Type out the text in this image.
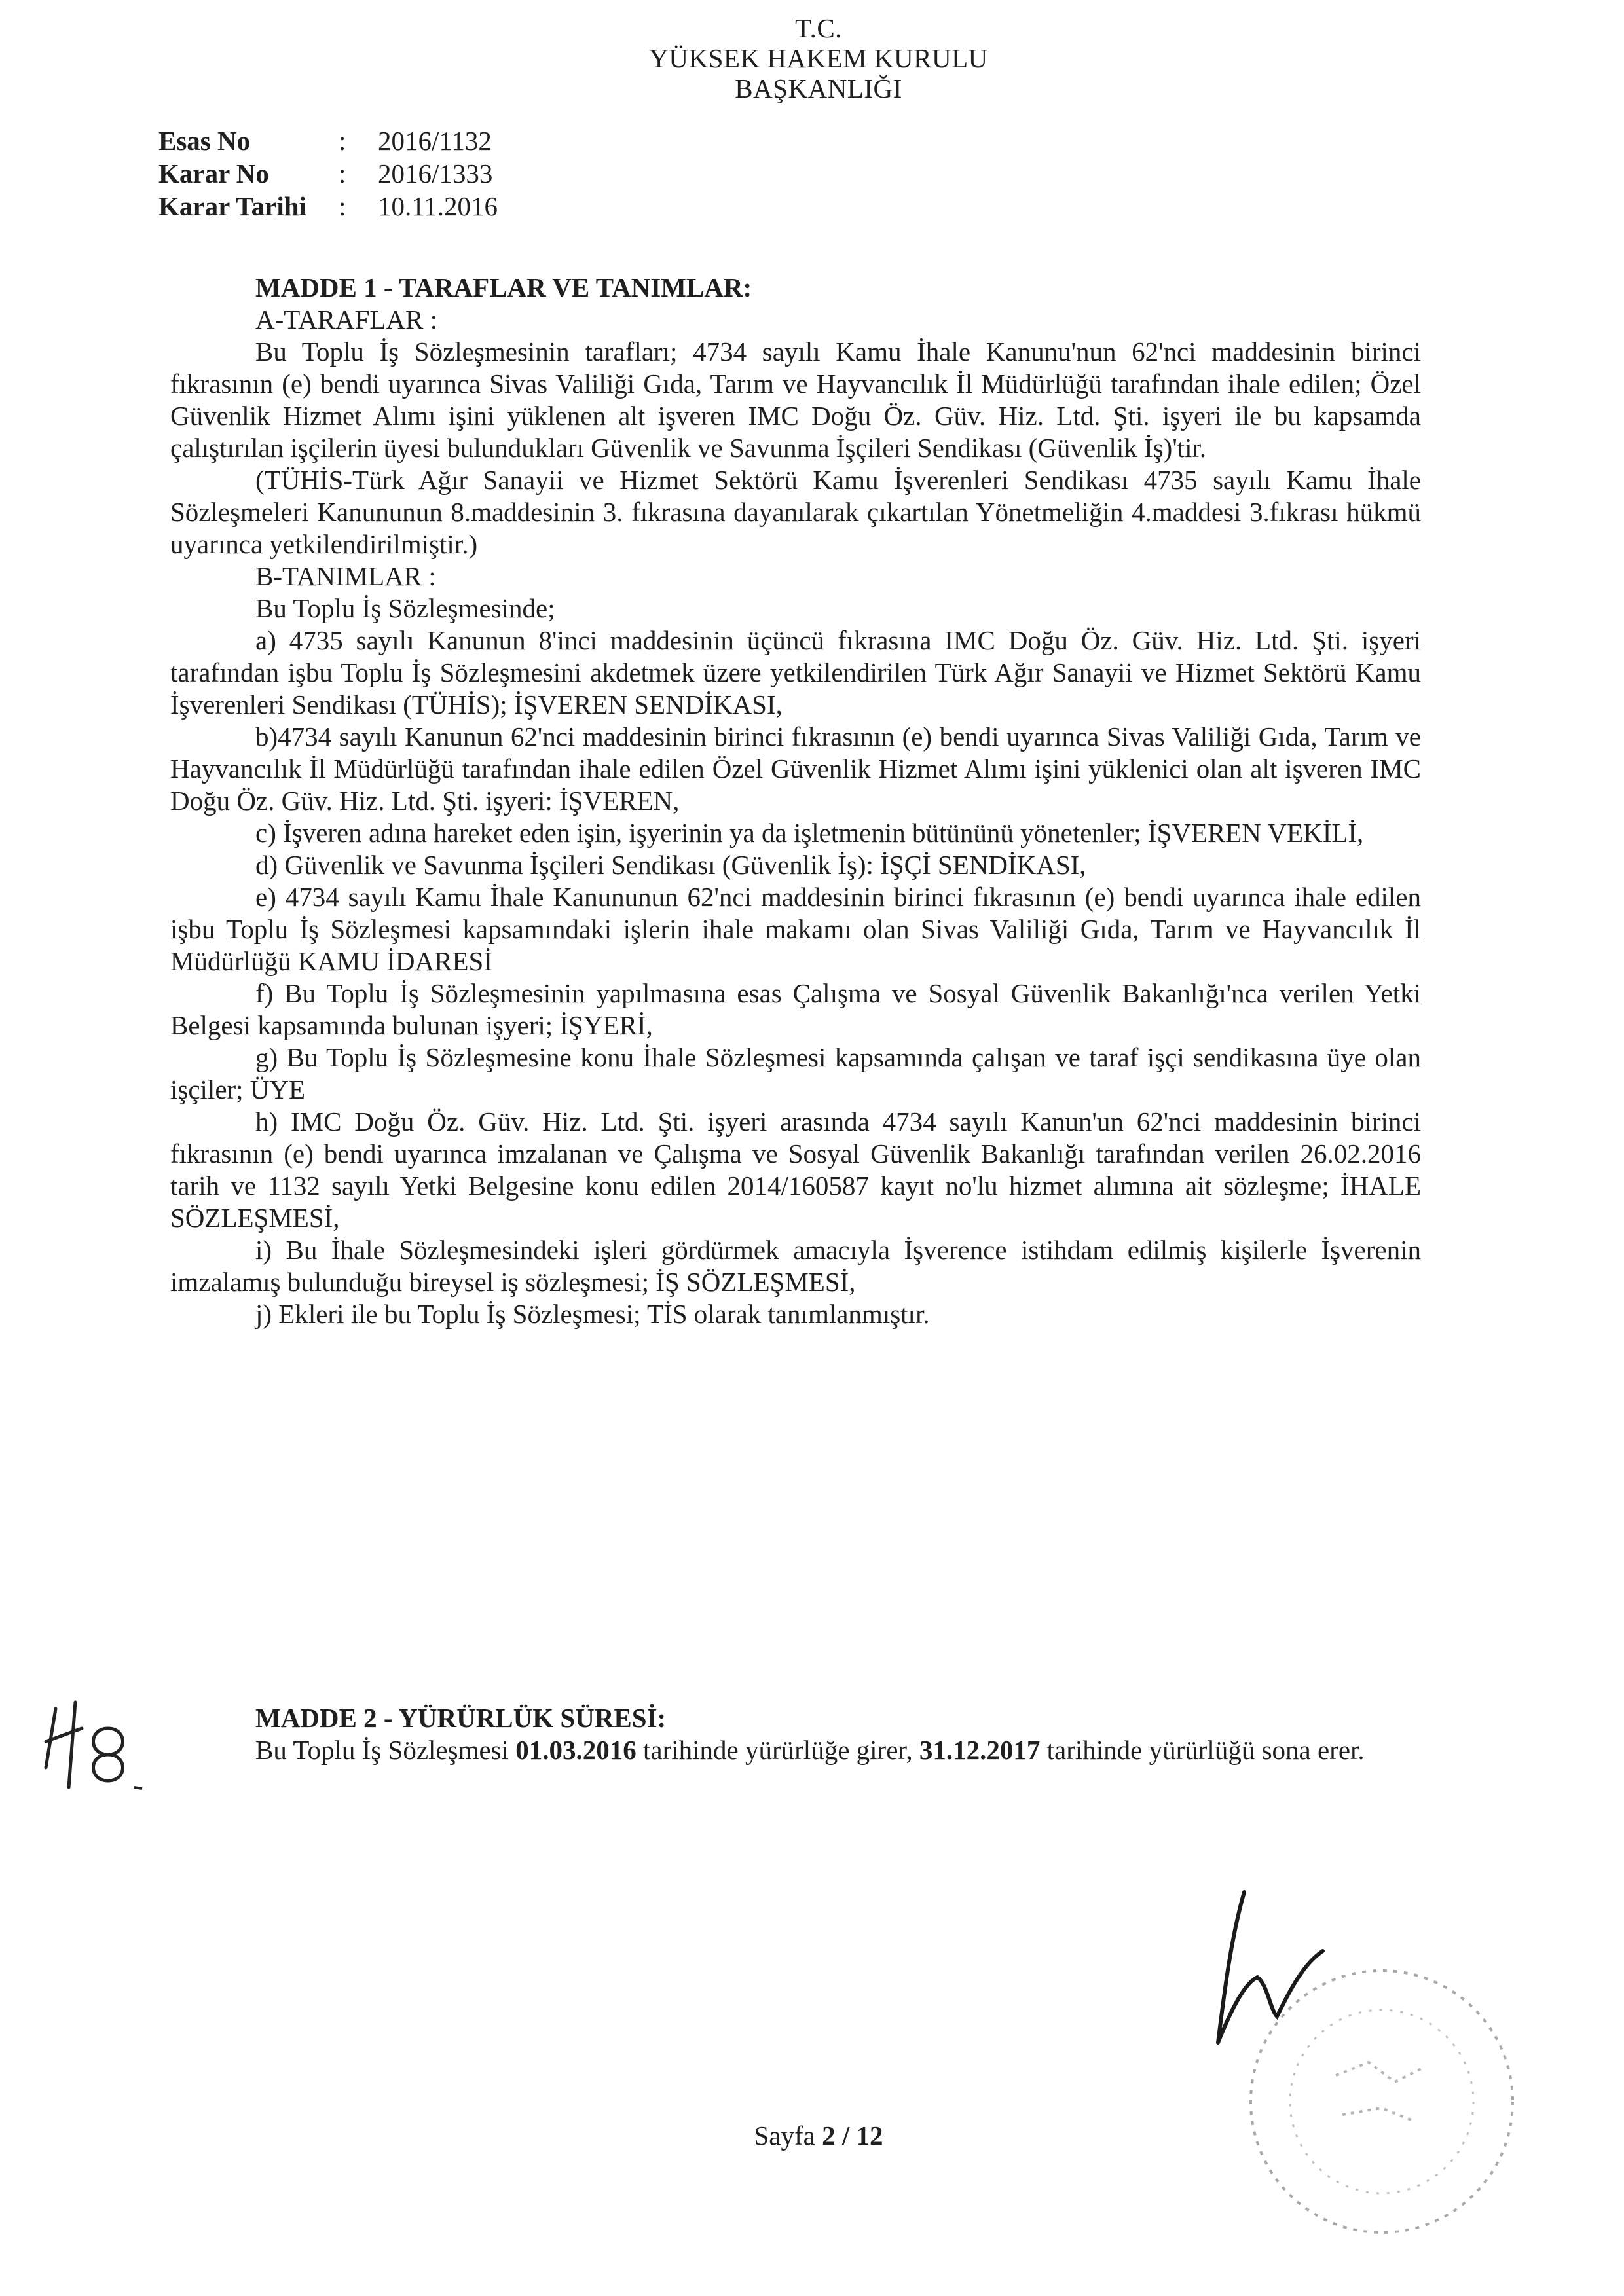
T.C.
YÜKSEK HAKEM KURULU
BAŞKANLIĞI
Esas No	:	2016/1132
Karar No	:	2016/1333
Karar Tarihi	:	10.11.2016
MADDE 1 - TARAFLAR VE TANIMLAR:
A-TARAFLAR :

Bu Toplu İş Sözleşmesinin tarafları; 4734 sayılı Kamu İhale Kanunu'nun 62'nci maddesinin birinci fıkrasının (e) bendi uyarınca Sivas Valiliği Gıda, Tarım ve Hayvancılık İl Müdürlüğü tarafından ihale edilen; Özel Güvenlik Hizmet Alımı işini yüklenen alt işveren IMC Doğu Öz. Güv. Hiz. Ltd. Şti. işyeri ile bu kapsamda çalıştırılan işçilerin üyesi bulundukları Güvenlik ve Savunma İşçileri Sendikası (Güvenlik İş)'tir.

(TÜHİS-Türk Ağır Sanayii ve Hizmet Sektörü Kamu İşverenleri Sendikası 4735 sayılı Kamu İhale Sözleşmeleri Kanununun 8.maddesinin 3. fıkrasına dayanılarak çıkartılan Yönetmeliğin 4.maddesi 3.fıkrası hükmü uyarınca yetkilendirilmiştir.)

B-TANIMLAR :
Bu Toplu İş Sözleşmesinde;

a) 4735 sayılı Kanunun 8'inci maddesinin üçüncü fıkrasına IMC Doğu Öz. Güv. Hiz. Ltd. Şti. işyeri tarafından işbu Toplu İş Sözleşmesini akdetmek üzere yetkilendirilen Türk Ağır Sanayii ve Hizmet Sektörü Kamu İşverenleri Sendikası (TÜHİS); İŞVEREN SENDİKASI,

b)4734 sayılı Kanunun 62'nci maddesinin birinci fıkrasının (e) bendi uyarınca Sivas Valiliği Gıda, Tarım ve Hayvancılık İl Müdürlüğü tarafından ihale edilen Özel Güvenlik Hizmet Alımı işini yüklenici olan alt işveren IMC Doğu Öz. Güv. Hiz. Ltd. Şti. işyeri: İŞVEREN,

c) İşveren adına hareket eden işin, işyerinin ya da işletmenin bütününü yönetenler; İŞVEREN VEKİLİ,

d) Güvenlik ve Savunma İşçileri Sendikası (Güvenlik İş): İŞÇİ SENDİKASI,

e) 4734 sayılı Kamu İhale Kanununun 62'nci maddesinin birinci fıkrasının (e) bendi uyarınca ihale edilen işbu Toplu İş Sözleşmesi kapsamındaki işlerin ihale makamı olan Sivas Valiliği Gıda, Tarım ve Hayvancılık İl Müdürlüğü KAMU İDARESİ

f) Bu Toplu İş Sözleşmesinin yapılmasına esas Çalışma ve Sosyal Güvenlik Bakanlığı'nca verilen Yetki Belgesi kapsamında bulunan işyeri; İŞYERİ,

g) Bu Toplu İş Sözleşmesine konu İhale Sözleşmesi kapsamında çalışan ve taraf işçi sendikasına üye olan işçiler; ÜYE

h) IMC Doğu Öz. Güv. Hiz. Ltd. Şti. işyeri arasında 4734 sayılı Kanun'un 62'nci maddesinin birinci fıkrasının (e) bendi uyarınca imzalanan ve Çalışma ve Sosyal Güvenlik Bakanlığı tarafından verilen 26.02.2016 tarih ve 1132 sayılı Yetki Belgesine konu edilen 2014/160587 kayıt no'lu hizmet alımına ait sözleşme; İHALE SÖZLEŞMESİ,

i) Bu İhale Sözleşmesindeki işleri gördürmek amacıyla İşverence istihdam edilmiş kişilerle İşverenin imzalamış bulunduğu bireysel iş sözleşmesi; İŞ SÖZLEŞMESİ,

j) Ekleri ile bu Toplu İş Sözleşmesi; TİS olarak tanımlanmıştır.

MADDE 2 - YÜRÜRLÜK SÜRESİ:

Bu Toplu İş Sözleşmesi 01.03.2016 tarihinde yürürlüğe girer, 31.12.2017 tarihinde yürürlüğü sona erer.

Sayfa 2 / 12
